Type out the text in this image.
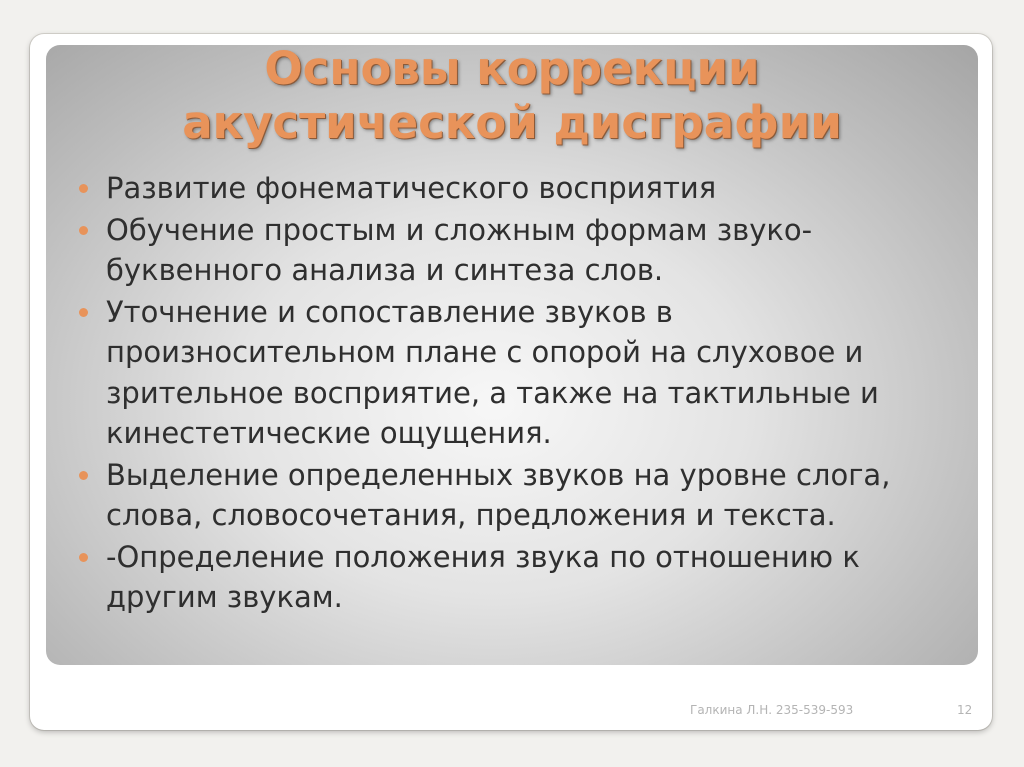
Основы коррекции
акустической дисграфии
Развитие фонематического восприятия
Обучение простым и сложным формам звуко-буквенного анализа и синтеза слов.
Уточнение и сопоставление звуков в произносительном плане с опорой на слуховое и зрительное восприятие, а также на тактильные и кинестетические ощущения.
Выделение определенных звуков на уровне слога, слова, словосочетания, предложения и текста.
-Определение положения звука по отношению к другим звукам.
Галкина Л.Н. 235-539-593	12
